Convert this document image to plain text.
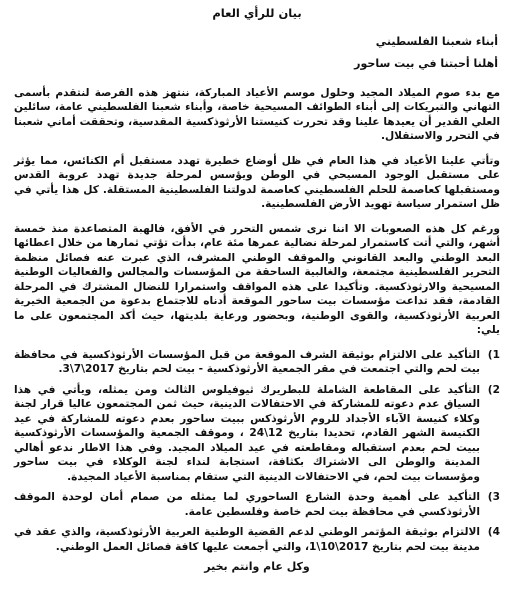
بيان للرأي العام
أبناء شعبنا الفلسطيني
أهلنا أحبتنا في بيت ساحور

مع بدء صوم الميلاد المجيد وحلول موسم الأعياد المباركة، ننتهز هذه الفرصة لنتقدم بأسمى التهاني والتبريكات إلى أبناء الطوائف المسيحية خاصة، وأبناء شعبنا الفلسطيني عامة، سائلين العلي القدير أن يعيدها علينا وقد تحررت كنيستنا الأرثوذكسية المقدسية، وتحققت أماني شعبنا في التحرر والاستقلال.

وتأتي علينا الأعياد في هذا العام في ظل أوضاع خطيرة تهدد مستقبل أم الكنائس، مما يؤثر على مستقبل الوجود المسيحي في الوطن ويؤسس لمرحلة جديدة تهدد عروبة القدس ومستقبلها كعاصمة للحلم الفلسطيني كعاصمة لدولتنا الفلسطينية المستقلة. كل هذا يأتي في ظل استمرار سياسة تهويد الأرض الفلسطينية.

ورغم كل هذه الصعوبات الا اننا نرى شمس التحرر في الأفق، فالهبة المتصاعدة منذ خمسة أشهر، والتي أتت كاستمرار لمرحلة نضالية عمرها مئة عام، بدأت تؤتي ثمارها من خلال اعطائها البعد الوطني والبعد القانوني والموقف الوطني المشرف، الذي عبرت عنه فصائل منظمة التحرير الفلسطينية مجتمعة، والغالبية الساحقة من المؤسسات والمجالس والفعاليات الوطنية المسيحية والارثوذكسية. وتأكيدا على هذه المواقف واستمرارا للنضال المشترك في المرحلة القادمة، فقد تداعت مؤسسات بيت ساحور الموقعة أدناه للاجتماع بدعوة من الجمعية الخيرية العربية الأرثوذكسية، والقوى الوطنية، وبحضور ورعاية بلديتها، حيث أكد المجتمعون على ما يلي:

1)
التأكيد على الالتزام بوثيقة الشرف الموقعة من قبل المؤسسات الأرثوذكسية في محافظة بيت لحم والتي اجتمعت في مقر الجمعية الأرثوذكسية - بيت لحم بتاريخ 2017\7\3.
2)
التأكيد على المقاطعة الشاملة للبطريرك ثيوفيلوس الثالث ومن يمثله، ويأتي في هذا السياق عدم دعوته للمشاركة في الاحتفالات الدينية، حيث ثمن المجتمعون عاليا قرار لجنة وكلاء كنيسة الآباء الأجداد للروم الأرثوذكس ببيت ساحور بعدم دعوته للمشاركة في عيد الكنيسة الشهر القادم، تحديدا بتاريخ 12\24 ، وموقف الجمعية والمؤسسات الأرثوذكسية ببيت لحم بعدم استقباله ومقاطعته في عيد الميلاد المجيد. وفي هذا الاطار ندعو أهالي المدينة والوطن الى الاشتراك بكثافة، استجابة لنداء لجنة الوكلاء في بيت ساحور ومؤسسات بيت لحم، في الاحتفالات الدينية التي ستقام بمناسبة الأعياد المجيدة.
3)
التأكيد على أهمية وحدة الشارع الساحوري لما يمثله من صمام أمان لوحدة الموقف الأرثوذكسي في محافظة بيت لحم خاصة وفلسطين عامة.
4)
الالتزام بوثيقة المؤتمر الوطني لدعم القضية الوطنية العربية الأرثوذكسية، والذي عقد في مدينة بيت لحم بتاريخ 2017\10\1، والتي أجمعت عليها كافة فصائل العمل الوطني.
وكل عام وانتم بخير
